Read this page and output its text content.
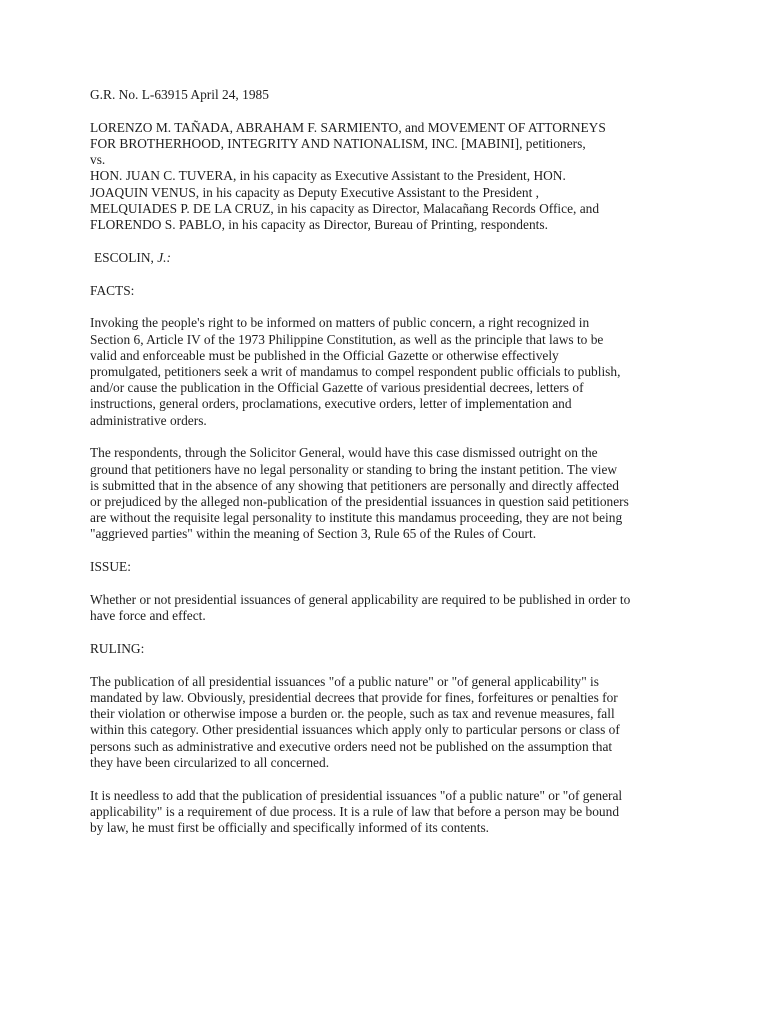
G.R. No. L-63915 April 24, 1985

LORENZO M. TAÑADA, ABRAHAM F. SARMIENTO, and MOVEMENT OF ATTORNEYS
FOR BROTHERHOOD, INTEGRITY AND NATIONALISM, INC. [MABINI], petitioners,

vs.

HON. JUAN C. TUVERA, in his capacity as Executive Assistant to the President, HON.
JOAQUIN VENUS, in his capacity as Deputy Executive Assistant to the President ,
MELQUIADES P. DE LA CRUZ, in his capacity as Director, Malacañang Records Office, and
FLORENDO S. PABLO, in his capacity as Director, Bureau of Printing, respondents.

ESCOLIN, J.:

FACTS:

Invoking the people's right to be informed on matters of public concern, a right recognized in
Section 6, Article IV of the 1973 Philippine Constitution, as well as the principle that laws to be
valid and enforceable must be published in the Official Gazette or otherwise effectively
promulgated, petitioners seek a writ of mandamus to compel respondent public officials to publish,
and/or cause the publication in the Official Gazette of various presidential decrees, letters of
instructions, general orders, proclamations, executive orders, letter of implementation and
administrative orders.

The respondents, through the Solicitor General, would have this case dismissed outright on the
ground that petitioners have no legal personality or standing to bring the instant petition. The view
is submitted that in the absence of any showing that petitioners are personally and directly affected
or prejudiced by the alleged non-publication of the presidential issuances in question said petitioners
are without the requisite legal personality to institute this mandamus proceeding, they are not being
"aggrieved parties" within the meaning of Section 3, Rule 65 of the Rules of Court.

ISSUE:

Whether or not presidential issuances of general applicability are required to be published in order to
have force and effect.

RULING:

The publication of all presidential issuances "of a public nature" or "of general applicability" is
mandated by law. Obviously, presidential decrees that provide for fines, forfeitures or penalties for
their violation or otherwise impose a burden or. the people, such as tax and revenue measures, fall
within this category. Other presidential issuances which apply only to particular persons or class of
persons such as administrative and executive orders need not be published on the assumption that
they have been circularized to all concerned.

It is needless to add that the publication of presidential issuances "of a public nature" or "of general
applicability" is a requirement of due process. It is a rule of law that before a person may be bound
by law, he must first be officially and specifically informed of its contents.
